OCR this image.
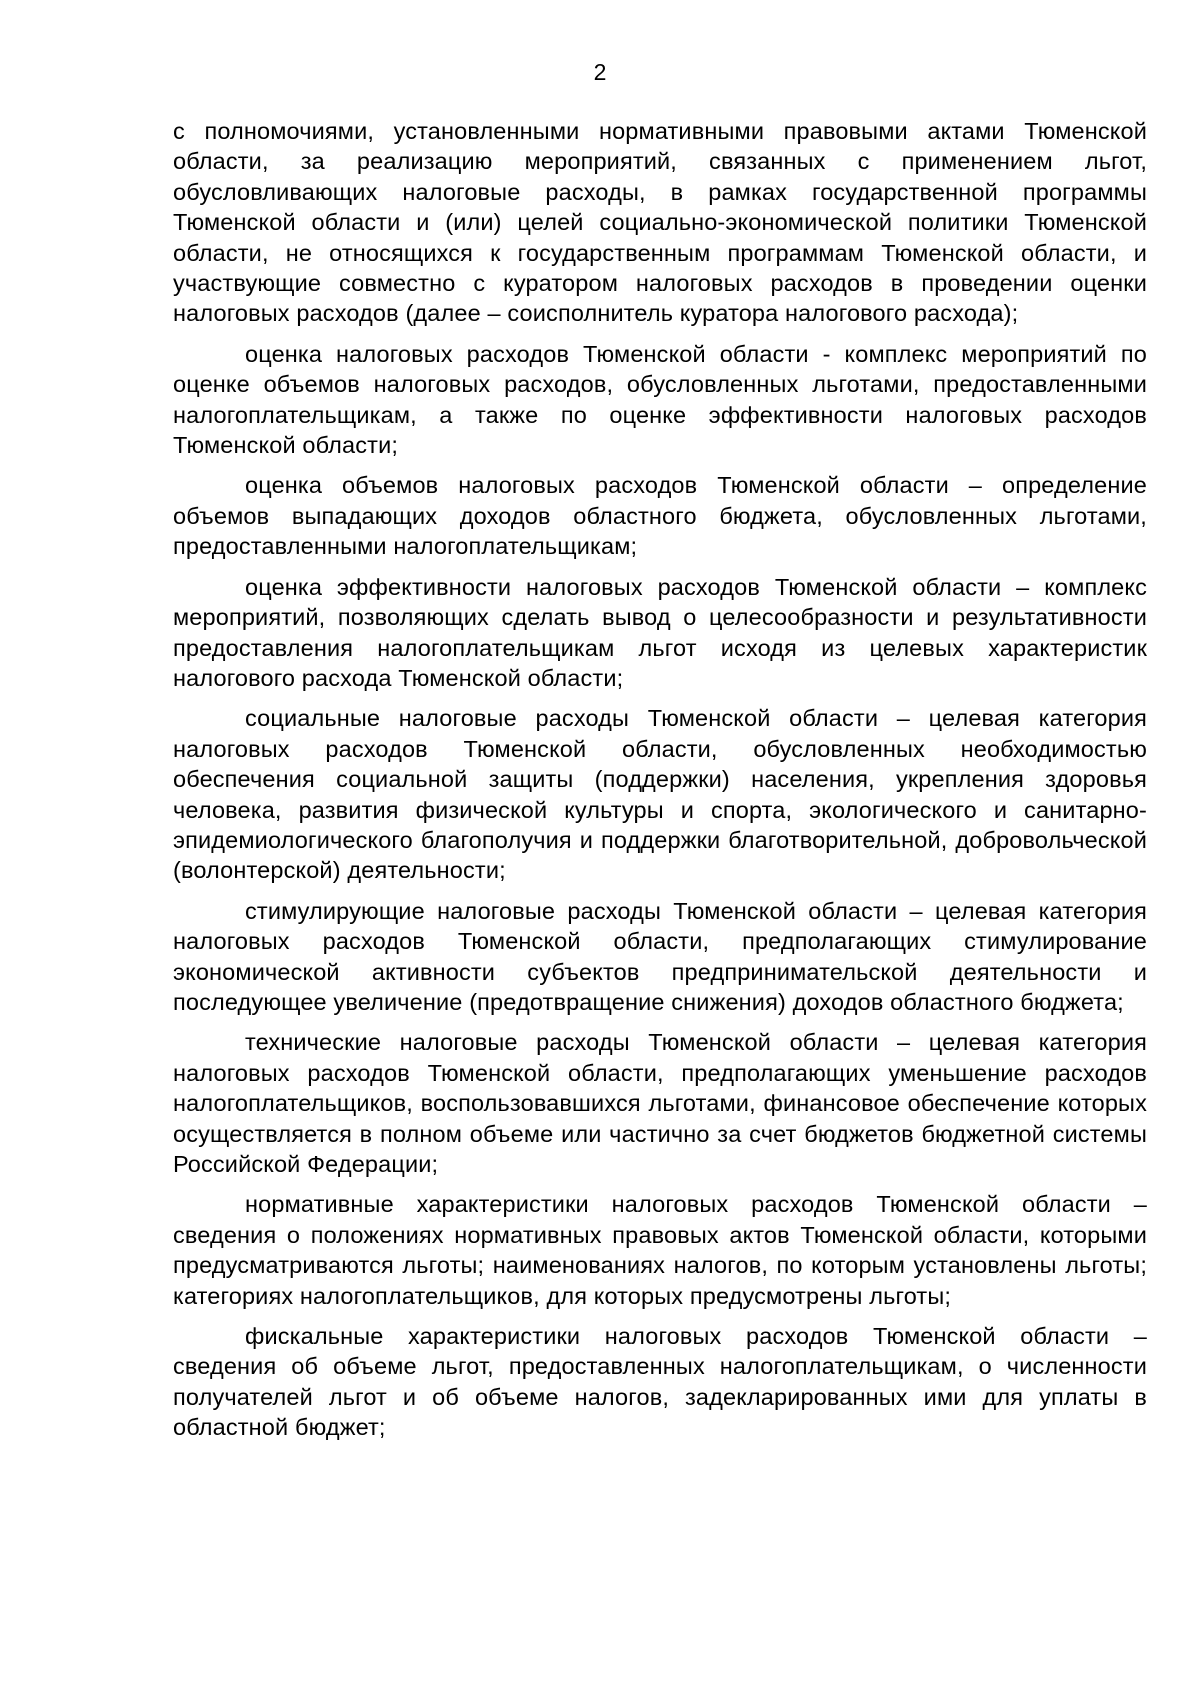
2

с полномочиями, установленными нормативными правовыми актами Тюменской области, за реализацию мероприятий, связанных с применением льгот, обусловливающих налоговые расходы, в рамках государственной программы Тюменской области и (или) целей социально-экономической политики Тюменской области, не относящихся к государственным программам Тюменской области, и участвующие совместно с куратором налоговых расходов в проведении оценки налоговых расходов (далее – соисполнитель куратора налогового расхода);

оценка налоговых расходов Тюменской области - комплекс мероприятий по оценке объемов налоговых расходов, обусловленных льготами, предоставленными налогоплательщикам, а также по оценке эффективности налоговых расходов Тюменской области;

оценка объемов налоговых расходов Тюменской области – определение объемов выпадающих доходов областного бюджета, обусловленных льготами, предоставленными налогоплательщикам;

оценка эффективности налоговых расходов Тюменской области – комплекс мероприятий, позволяющих сделать вывод о целесообразности и результативности предоставления налогоплательщикам льгот исходя из целевых характеристик налогового расхода Тюменской области;

социальные налоговые расходы Тюменской области – целевая категория налоговых расходов Тюменской области, обусловленных необходимостью обеспечения социальной защиты (поддержки) населения, укрепления здоровья человека, развития физической культуры и спорта, экологического и санитарно-эпидемиологического благополучия и поддержки благотворительной, добровольческой (волонтерской) деятельности;

стимулирующие налоговые расходы Тюменской области – целевая категория налоговых расходов Тюменской области, предполагающих стимулирование экономической активности субъектов предпринимательской деятельности и последующее увеличение (предотвращение снижения) доходов областного бюджета;

технические налоговые расходы Тюменской области – целевая категория налоговых расходов Тюменской области, предполагающих уменьшение расходов налогоплательщиков, воспользовавшихся льготами, финансовое обеспечение которых осуществляется в полном объеме или частично за счет бюджетов бюджетной системы Российской Федерации;

нормативные характеристики налоговых расходов Тюменской области – сведения о положениях нормативных правовых актов Тюменской области, которыми предусматриваются льготы; наименованиях налогов, по которым установлены льготы; категориях налогоплательщиков, для которых предусмотрены льготы;

фискальные характеристики налоговых расходов Тюменской области – сведения об объеме льгот, предоставленных налогоплательщикам, о численности получателей льгот и об объеме налогов, задекларированных ими для уплаты в областной бюджет;
